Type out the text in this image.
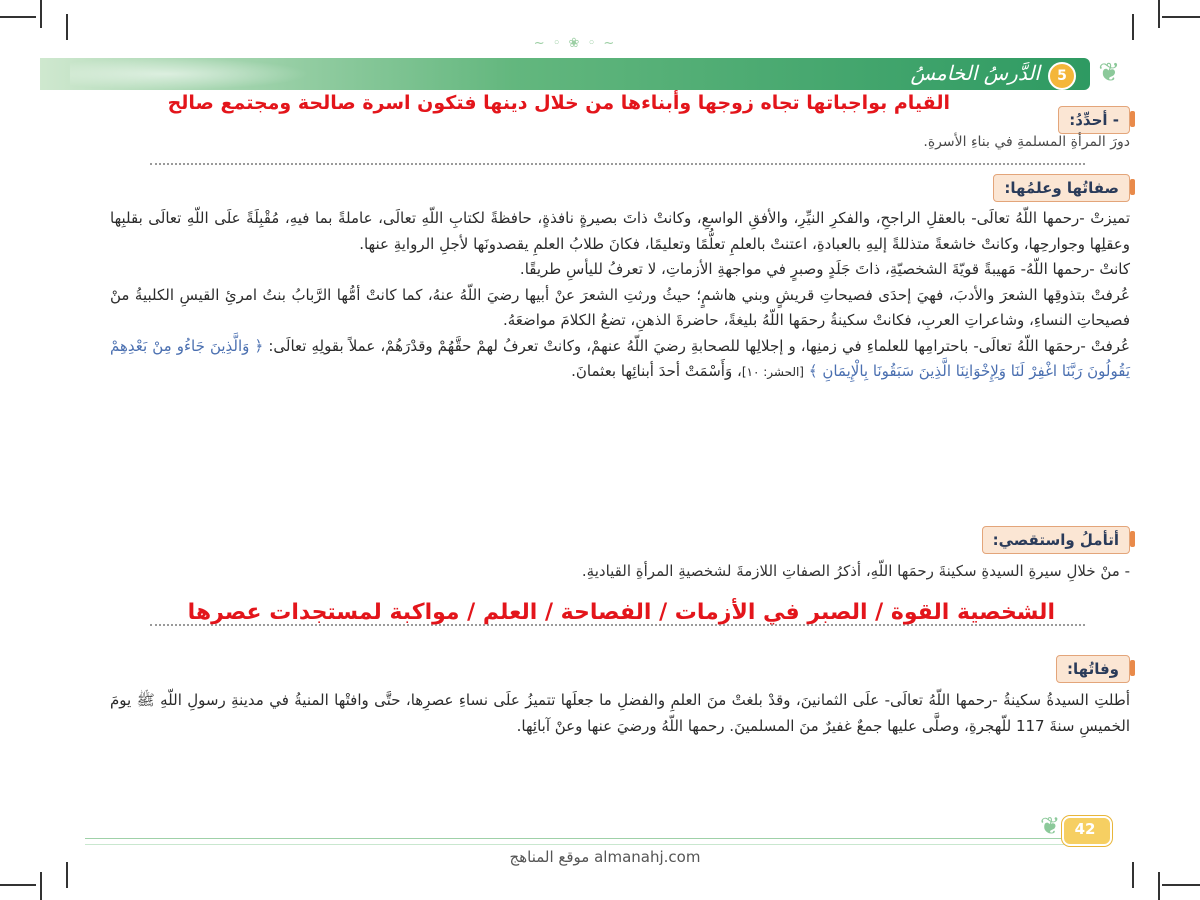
~ ◦ ❀ ◦ ~
5
الدَّرسُ الخامسُ	❦
القيام بواجباتها تجاه زوجها وأبناءها من خلال دينها فتكون اسرة صالحة ومجتمع صالح
- أحدِّدُ:
دورَ المرأةِ المسلمةِ في بناءِ الأسرةِ.
صفاتُها وعلمُها:

تميزتْ -رحمها اللّهُ تعالَى- بالعقلِ الراجحِ، والفكرِ النيِّرِ، والأفقِ الواسعِ، وكانتْ ذاتَ بصيرةٍ نافذةٍ، حافظةً لكتابِ اللّهِ تعالَى، عاملةً بما فيهِ، مُقْبِلَةً علَى اللّهِ تعالَى بقلبِها وعقلِها وجوارحِها، وكانتْ خاشعةً متذللةً إليهِ بالعبادةِ، اعتنتْ بالعلمِ تعلُّمًا وتعليمًا، فكانَ طلابُ العلمِ يقصدونَها لأجلِ الروايةِ عنها.

كانتْ -رحمها اللّهُ- مَهيبةً قويّةَ الشخصيّةِ، ذاتَ جَلَدٍ وصبرٍ في مواجهةِ الأزماتِ، لا تعرفُ لليأسِ طريقًا.

عُرفتْ بتذوقِها الشعرَ والأدبَ، فهيَ إحدَى فصيحاتِ قريشٍ وبني هاشمٍ؛ حيثُ ورثتِ الشعرَ عنْ أبيها رضيَ اللّهُ عنهُ، كما كانتْ أمُّها الرَّبابُ بنتُ امرئِ القيسِ الكلبيةُ منْ فصيحاتِ النساءِ، وشاعراتِ العربِ، فكانتْ سكينةُ رحمَها اللّهُ بليغةً، حاضرةَ الذهنِ، تضعُ الكلامَ مواضعَهُ.

عُرفتْ -رحمَها اللّهُ تعالَى- باحترامِها للعلماءِ في زمنِها، و إجلالِها للصحابةِ رضيَ اللّهُ عنهمْ، وكانتْ تعرفُ لهمْ حقَّهُمْ وقدْرَهُمْ، عملاً بقولِهِ تعالَى: ﴿ وَالَّذِينَ جَاءُو مِنْ بَعْدِهِمْ يَقُولُونَ رَبَّنَا اغْفِرْ لَنَا وَلِإِخْوَانِنَا الَّذِينَ سَبَقُونَا بِالْإِيمَانِ ﴾ [الحشر: ١٠]، وَأَسْمَتْ أحدَ أبنائِها بعثمانَ.

أتأملُ واستقصي:
- منْ خلالِ سيرةِ السيدةِ سكينةَ رحمَها اللّهِ، أذكرُ الصفاتِ اللازمةَ لشخصيةِ المرأةِ القياديةِ.
الشخصية القوة / الصبر في الأزمات / الفصاحة / العلم / مواكبة لمستجدات عصرها
وفاتُها:
أطلتِ السيدةُ سكينةُ -رحمها اللّهُ تعالَى- علَى الثمانينَ، وقدْ بلغتْ منَ العلمِ والفضلِ ما جعلَها تتميزُ علَى نساءِ عصرِها، حتَّى وافتْها المنيةُ في مدينةِ رسولِ اللّهِ ﷺ يومَ الخميسِ سنةَ 117 للّهجرةِ، وصلَّى عليها جمعٌ غفيرٌ منَ المسلمينَ. رحمها اللّهُ ورضيَ عنها وعنْ آبائِها.
❦ 42
موقع المناهج almanahj.com
